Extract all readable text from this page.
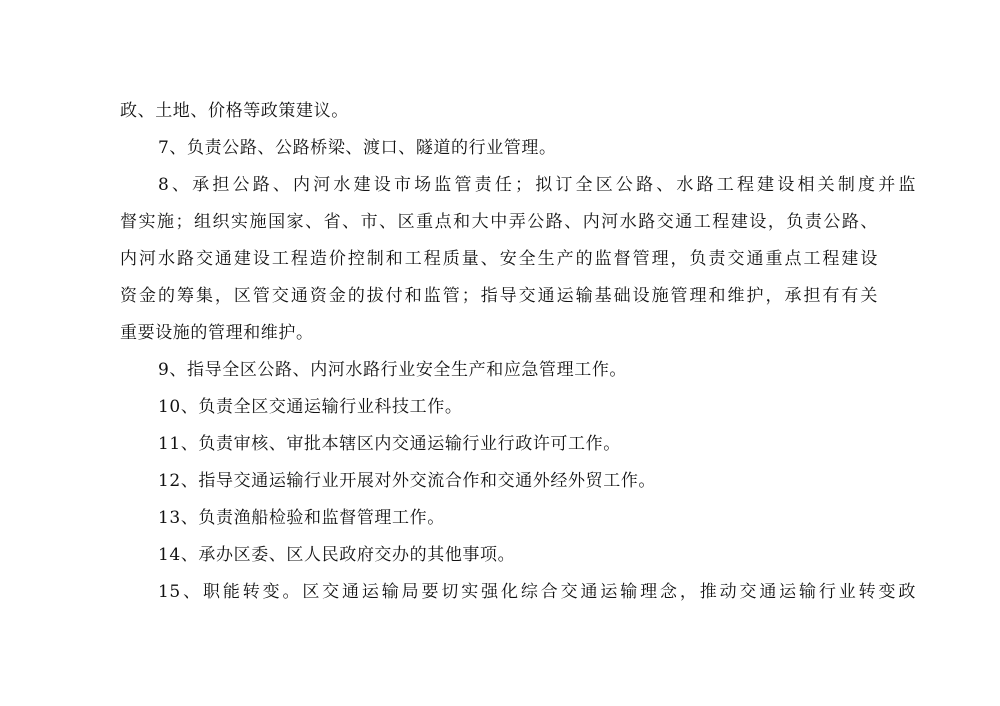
政、土地、价格等政策建议。
7、负责公路、公路桥梁、渡口、隧道的行业管理。
8、承担公路、内河水建设市场监管责任；拟订全区公路、水路工程建设相关制度并监
督实施；组织实施国家、省、市、区重点和大中弄公路、内河水路交通工程建设，负责公路、
内河水路交通建设工程造价控制和工程质量、安全生产的监督管理，负责交通重点工程建设
资金的筹集，区管交通资金的拔付和监管；指导交通运输基础设施管理和维护，承担有有关
重要设施的管理和维护。
9、指导全区公路、内河水路行业安全生产和应急管理工作。
10、负责全区交通运输行业科技工作。
11、负责审核、审批本辖区内交通运输行业行政许可工作。
12、指导交通运输行业开展对外交流合作和交通外经外贸工作。
13、负责渔船检验和监督管理工作。
14、承办区委、区人民政府交办的其他事项。
15、职能转变。区交通运输局要切实强化综合交通运输理念，推动交通运输行业转变政
